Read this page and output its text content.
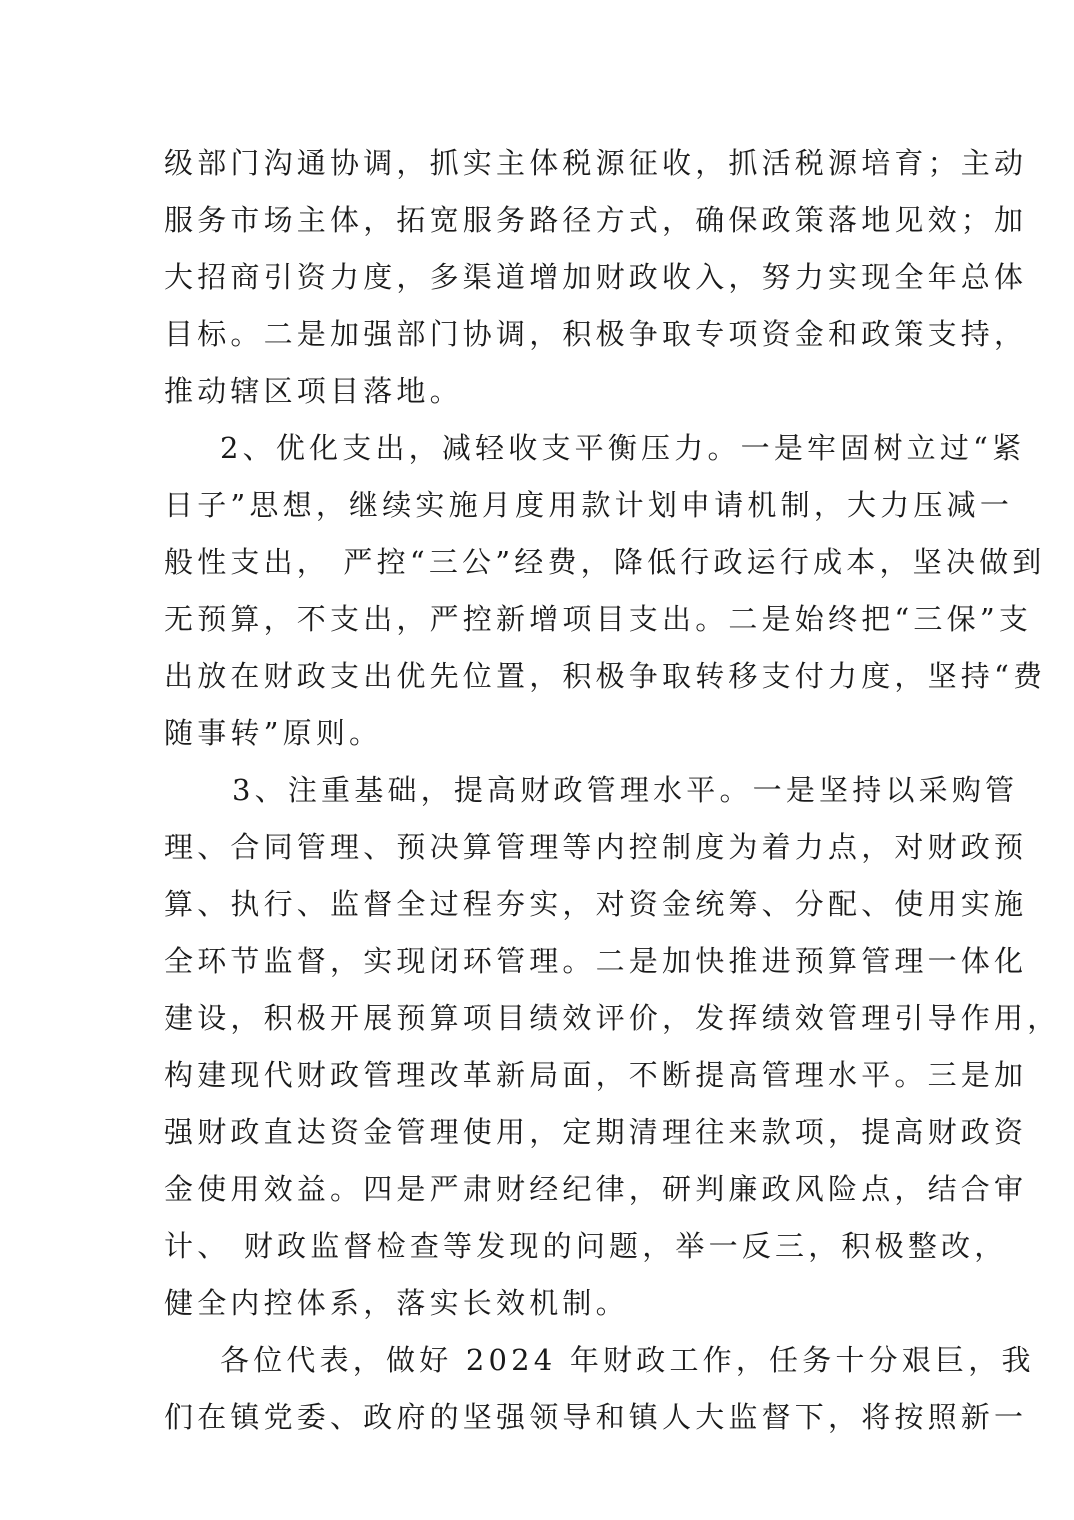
级部门沟通协调，抓实主体税源征收，抓活税源培育；主动
服务市场主体，拓宽服务路径方式，确保政策落地见效；加
大招商引资力度，多渠道增加财政收入，努力实现全年总体
目标。二是加强部门协调，积极争取专项资金和政策支持，
推动辖区项目落地。
2、优化支出，减轻收支平衡压力。一是牢固树立过“紧
日子”思想，继续实施月度用款计划申请机制，大力压减一
般性支出， 严控“三公”经费，降低行政运行成本，坚决做到
无预算，不支出，严控新增项目支出。二是始终把“三保”支
出放在财政支出优先位置，积极争取转移支付力度，坚持“费
随事转”原则。
3、注重基础，提高财政管理水平。一是坚持以采购管
理、合同管理、预决算管理等内控制度为着力点，对财政预
算、执行、监督全过程夯实，对资金统筹、分配、使用实施
全环节监督，实现闭环管理。二是加快推进预算管理一体化
建设，积极开展预算项目绩效评价，发挥绩效管理引导作用，
构建现代财政管理改革新局面，不断提高管理水平。三是加
强财政直达资金管理使用，定期清理往来款项，提高财政资
金使用效益。四是严肃财经纪律，研判廉政风险点，结合审
计、 财政监督检查等发现的问题，举一反三，积极整改，
健全内控体系，落实长效机制。
各位代表，做好 2024 年财政工作，任务十分艰巨，我
们在镇党委、政府的坚强领导和镇人大监督下，将按照新一
